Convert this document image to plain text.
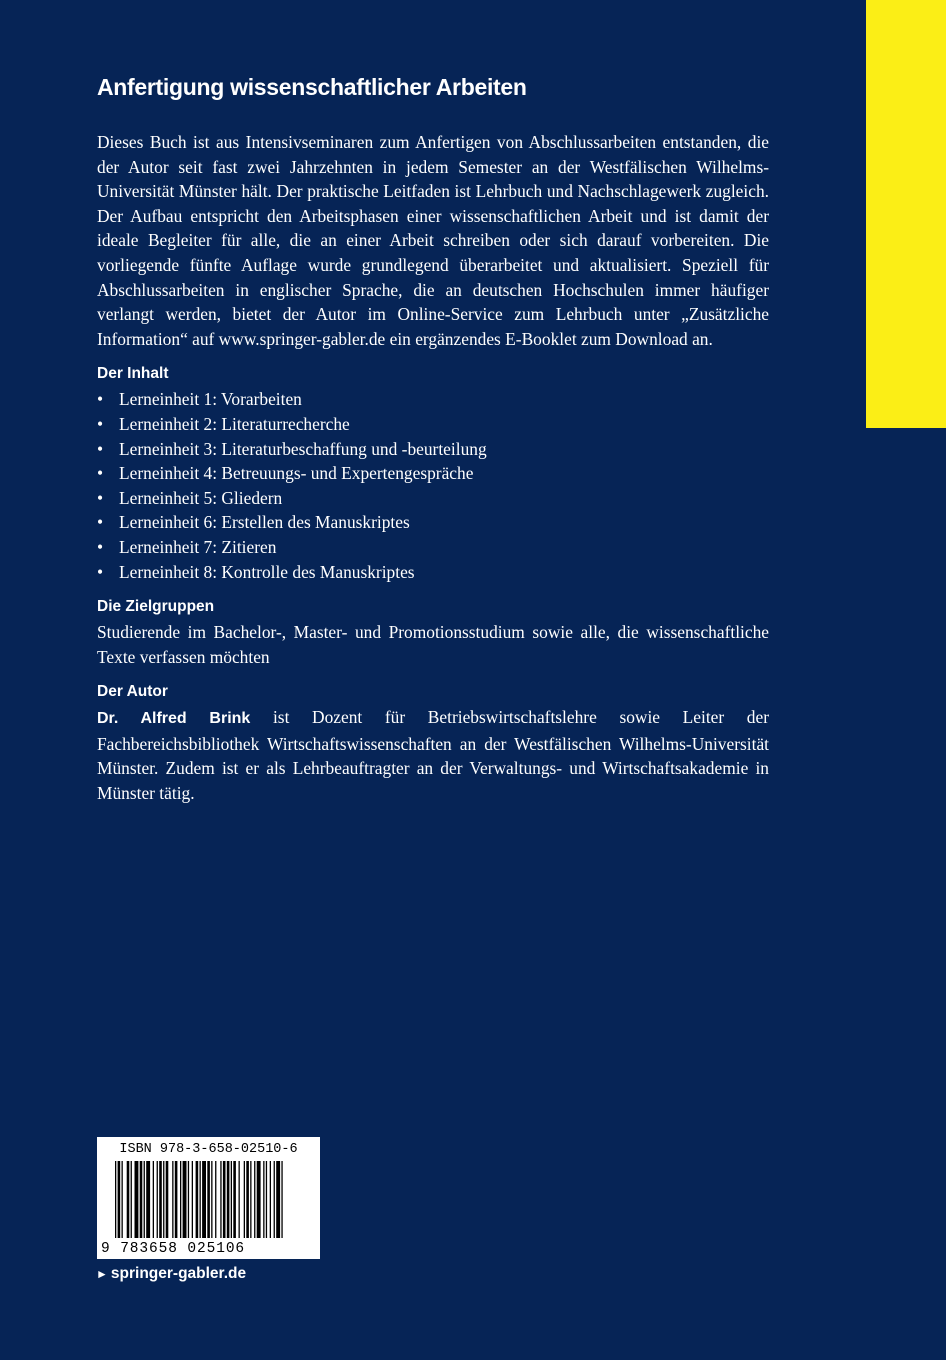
Anfertigung wissenschaftlicher Arbeiten

Dieses Buch ist aus Intensivseminaren zum Anfertigen von Abschlussarbeiten entstanden, die der Autor seit fast zwei Jahrzehnten in jedem Semester an der Westfälischen Wilhelms-Universität Münster hält. Der praktische Leitfaden ist Lehrbuch und Nachschlagewerk zugleich. Der Aufbau entspricht den Arbeitsphasen einer wissenschaftlichen Arbeit und ist damit der ideale Begleiter für alle, die an einer Arbeit schreiben oder sich darauf vorbereiten. Die vorliegende fünfte Auflage wurde grundlegend überarbeitet und aktualisiert. Speziell für Abschlussarbeiten in englischer Sprache, die an deutschen Hochschulen immer häufiger verlangt werden, bietet der Autor im Online-Service zum Lehrbuch unter „Zusätzliche Information“ auf www.springer-gabler.de ein ergänzendes E-Booklet zum Download an.

Der Inhalt
• Lerneinheit 1: Vorarbeiten
• Lerneinheit 2: Literaturrecherche
• Lerneinheit 3: Literaturbeschaffung und -beurteilung
• Lerneinheit 4: Betreuungs- und Expertengespräche
• Lerneinheit 5: Gliedern
• Lerneinheit 6: Erstellen des Manuskriptes
• Lerneinheit 7: Zitieren
• Lerneinheit 8: Kontrolle des Manuskriptes
Die Zielgruppen

Studierende im Bachelor-, Master- und Promotionsstudium sowie alle, die wissenschaftliche Texte verfassen möchten

Der Autor

Dr. Alfred Brink ist Dozent für Betriebswirtschaftslehre sowie Leiter der Fachbereichsbibliothek Wirtschaftswissenschaften an der Westfälischen Wilhelms-Universität Münster. Zudem ist er als Lehrbeauftragter an der Verwaltungs- und Wirtschaftsakademie in Münster tätig.

ISBN 978-3-658-02510-6
9 783658 025106
► springer-gabler.de
